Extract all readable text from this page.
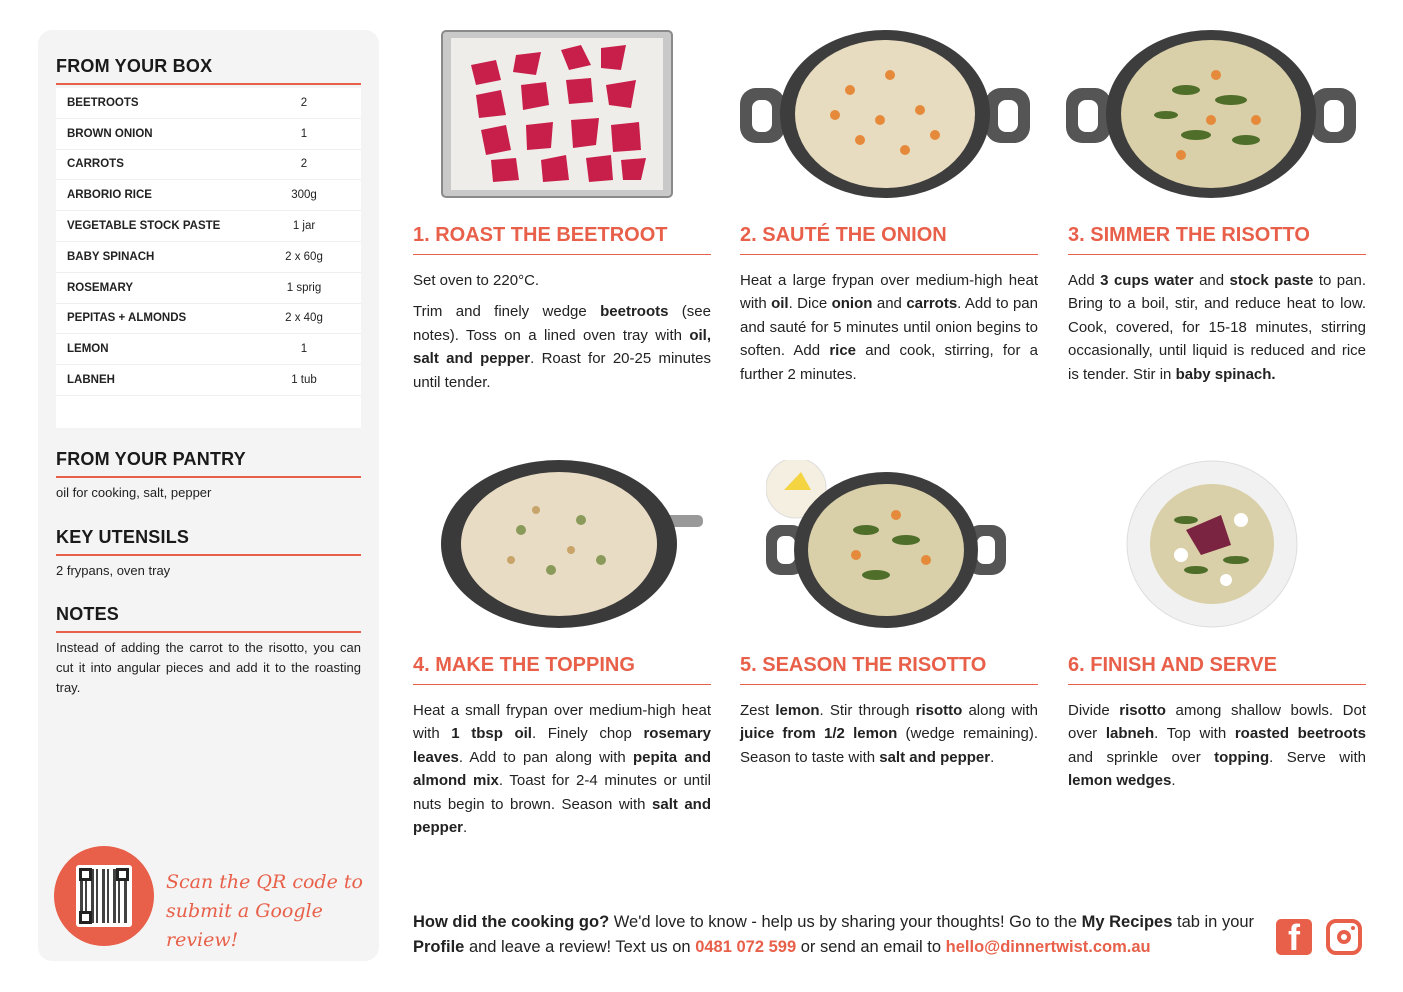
FROM YOUR BOX
BEETROOTS	2
BROWN ONION	1
CARROTS	2
ARBORIO RICE	300g
VEGETABLE STOCK PASTE	1 jar
BABY SPINACH	2 x 60g
ROSEMARY	1 sprig
PEPITAS + ALMONDS	2 x 40g
LEMON	1
LABNEH	1 tub
FROM YOUR PANTRY
oil for cooking, salt, pepper
KEY UTENSILS
2 frypans, oven tray
NOTES
Instead of adding the carrot to the risotto, you can cut it into angular pieces and add it to the roasting tray.
Scan the QR code to
submit a Google review!
1. ROAST THE BEETROOT

Set oven to 220°C.

Trim and finely wedge beetroots (see notes). Toss on a lined oven tray with oil, salt and pepper. Roast for 20-25 minutes until tender.

2. SAUTÉ THE ONION

Heat a large frypan over medium-high heat with oil. Dice onion and carrots. Add to pan and sauté for 5 minutes until onion begins to soften. Add rice and cook, stirring, for a further 2 minutes.

3. SIMMER THE RISOTTO

Add 3 cups water and stock paste to pan. Bring to a boil, stir, and reduce heat to low. Cook, covered, for 15-18 minutes, stirring occasionally, until liquid is reduced and rice is tender. Stir in baby spinach.

4. MAKE THE TOPPING

Heat a small frypan over medium-high heat with 1 tbsp oil. Finely chop rosemary leaves. Add to pan along with pepita and almond mix. Toast for 2-4 minutes or until nuts begin to brown. Season with salt and pepper.

5. SEASON THE RISOTTO

Zest lemon. Stir through risotto along with juice from 1/2 lemon (wedge remaining). Season to taste with salt and pepper.

6. FINISH AND SERVE

Divide risotto among shallow bowls. Dot over labneh. Top with roasted beetroots and sprinkle over topping. Serve with lemon wedges.

How did the cooking go? We'd love to know - help us by sharing your thoughts! Go to the My Recipes tab in your Profile and leave a review! Text us on 0481 072 599 or send an email to hello@dinnertwist.com.au	f
